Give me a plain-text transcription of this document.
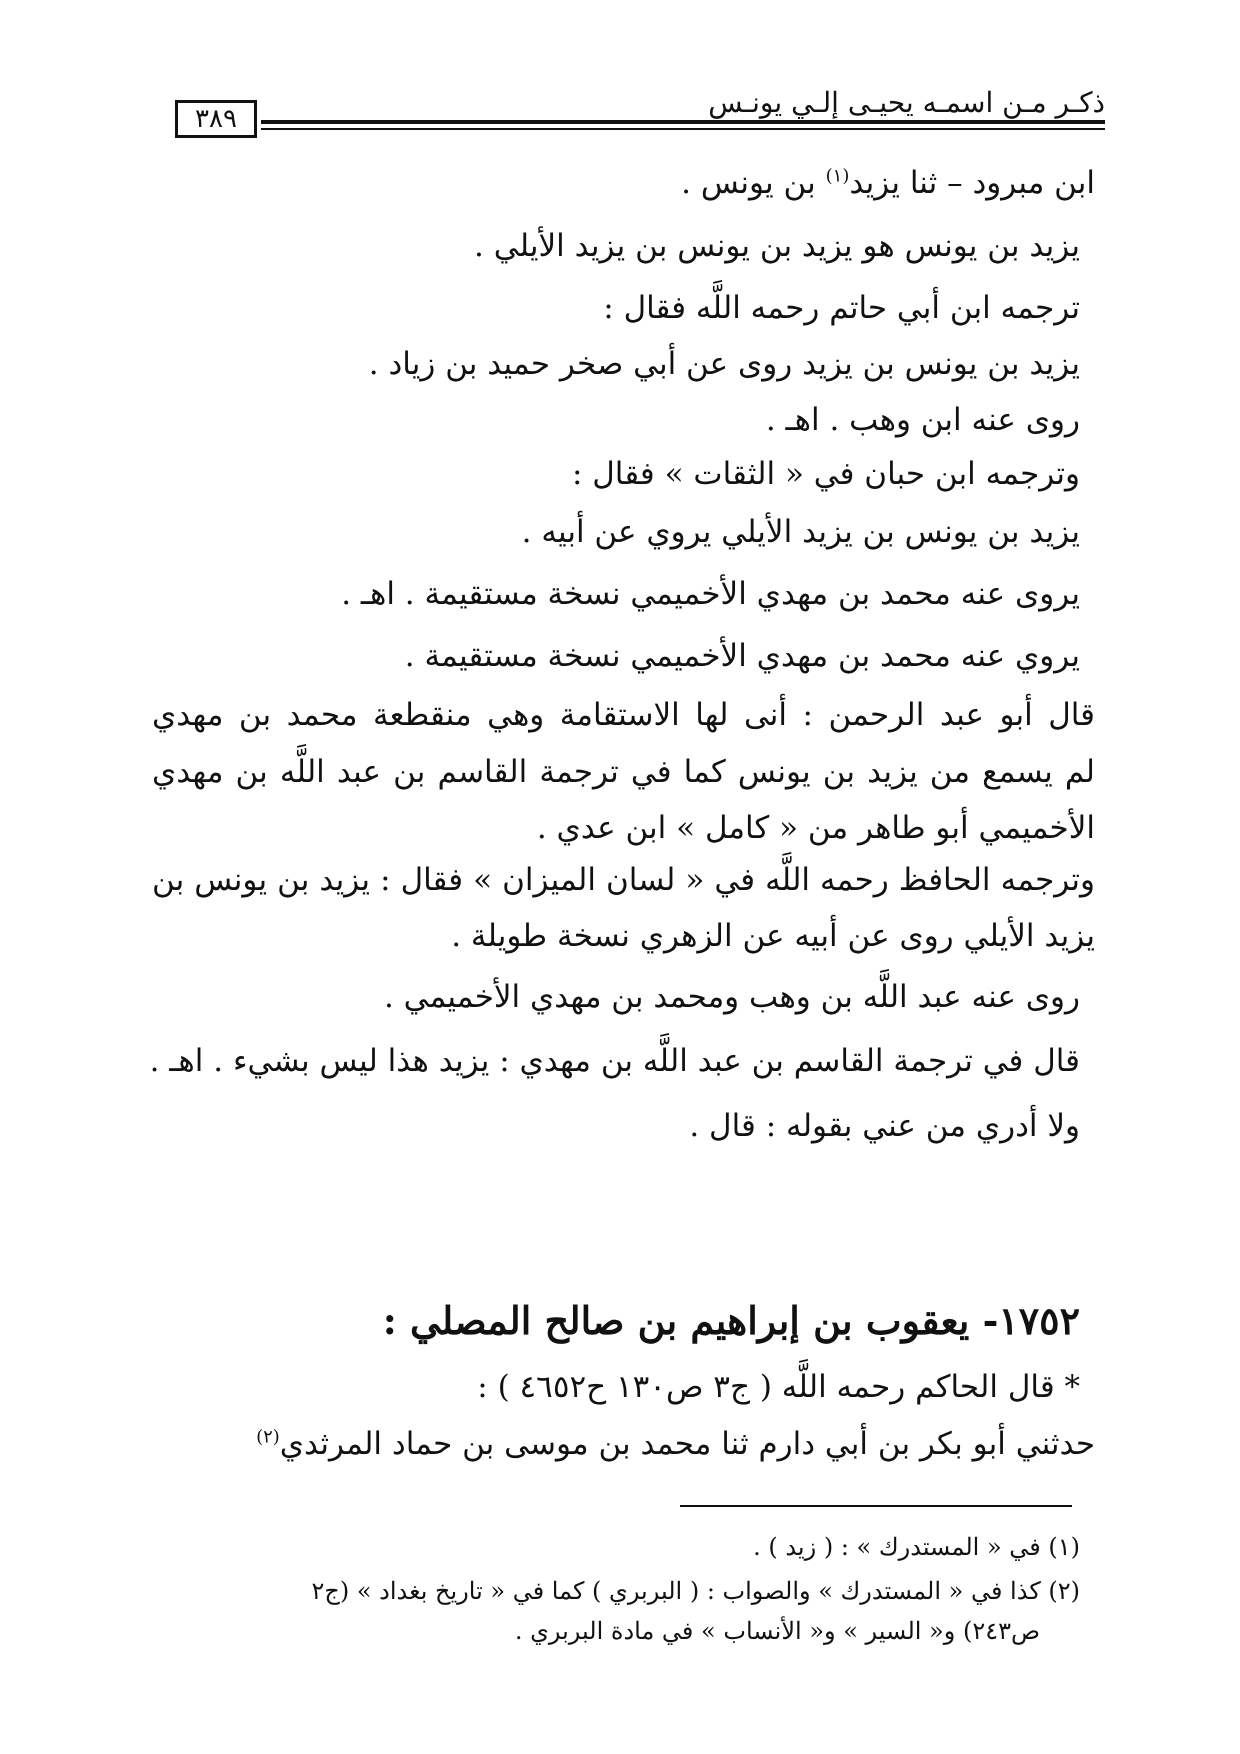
ذكـر مـن اسمـه يحيـى إلـي يونـس
٣٨٩
ابن مبرود – ثنا يزيد$^{(١)}$ بن يونس .
يزيد بن يونس هو يزيد بن يونس بن يزيد الأيلي .
ترجمه ابن أبي حاتم رحمه اللَّه فقال :
يزيد بن يونس بن يزيد روى عن أبي صخر حميد بن زياد .
روى عنه ابن وهب . اهـ .
وترجمه ابن حبان في « الثقات » فقال :
يزيد بن يونس بن يزيد الأيلي يروي عن أبيه .
يروى عنه محمد بن مهدي الأخميمي نسخة مستقيمة . اهـ .
يروي عنه محمد بن مهدي الأخميمي نسخة مستقيمة .
قال أبو عبد الرحمن : أنى لها الاستقامة وهي منقطعة محمد بن مهدي
لم يسمع من يزيد بن يونس كما في ترجمة القاسم بن عبد اللَّه بن مهدي
الأخميمي أبو طاهر من « كامل » ابن عدي .
وترجمه الحافظ رحمه اللَّه في « لسان الميزان » فقال : يزيد بن يونس بن
يزيد الأيلي روى عن أبيه عن الزهري نسخة طويلة .
روى عنه عبد اللَّه بن وهب ومحمد بن مهدي الأخميمي .
قال في ترجمة القاسم بن عبد اللَّه بن مهدي : يزيد هذا ليس بشيء . اهـ .
ولا أدري من عني بقوله : قال .
١٧٥٢- يعقوب بن إبراهيم بن صالح المصلي :
* قال الحاكم رحمه اللَّه ( ج٣ ص١٣٠ ح٤٦٥٢ ) :
حدثني أبو بكر بن أبي دارم ثنا محمد بن موسى بن حماد المرثدي$^{(٢)}$
(١) في « المستدرك » : ( زيد ) .
(٢) كذا في « المستدرك » والصواب : ( البربري ) كما في « تاريخ بغداد » (ج٢
ص٢٤٣) و« السير » و« الأنساب » في مادة البربري .
